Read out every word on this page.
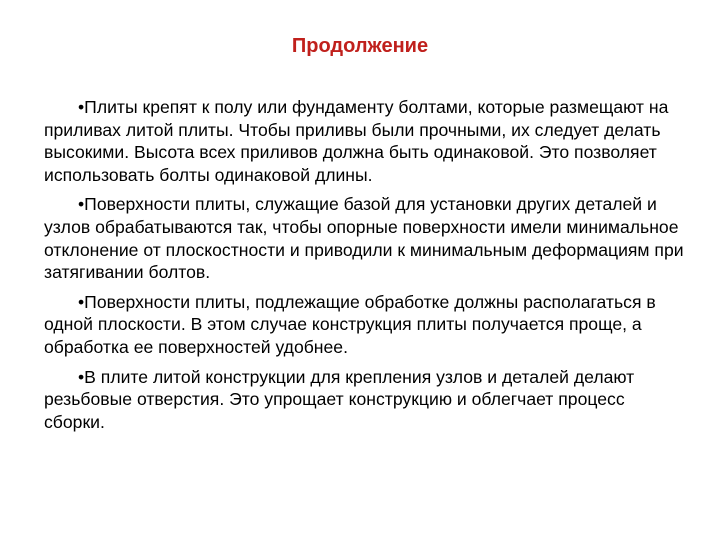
Продолжение
•Плиты крепят к полу или фундаменту болтами, которые размещают на приливах литой плиты. Чтобы приливы были прочными, их следует делать высокими. Высота всех приливов должна быть одинаковой. Это позволяет использовать болты одинаковой длины.
•Поверхности плиты, служащие базой для установки других деталей и узлов обрабатываются так, чтобы опорные поверхности имели минимальное отклонение от плоскостности и приводили к минимальным деформациям при затягивании болтов.
•Поверхности плиты, подлежащие обработке должны располагаться в одной плоскости. В этом случае конструкция плиты получается проще, а обработка ее поверхностей удобнее.
•В плите литой конструкции для крепления узлов и деталей делают резьбовые отверстия. Это упрощает конструкцию и облегчает процесс сборки.
